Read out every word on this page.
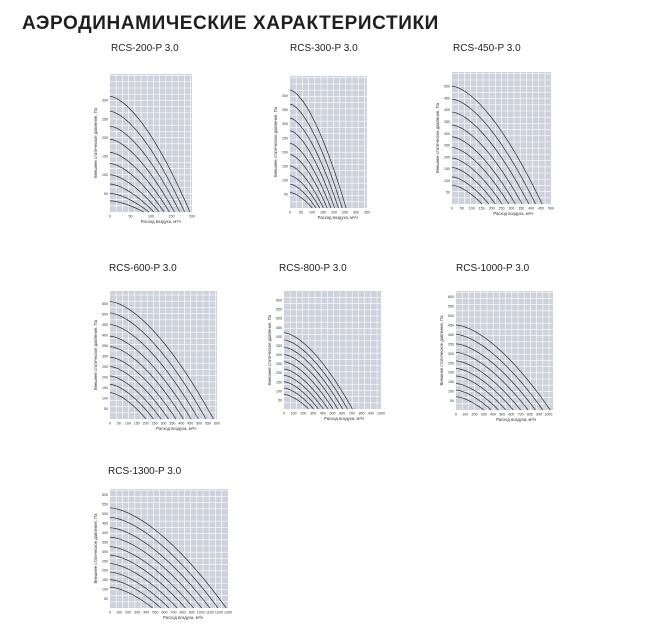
АЭРОДИНАМИЧЕСКИЕ ХАРАКТЕРИСТИКИ
RCS-200-P 3.0	RCS-300-P 3.0	RCS-450-P 3.0
RCS-600-P 3.0	RCS-800-P 3.0	RCS-1000-P 3.0
RCS-1300-P 3.0
50
100
150
200
250
300
0	50	100	150	200
Расход воздуха, м³/ч
Внешнее статическое давление, Па
50
100
150
200
250
300
350
400
0 50 100 150 200 250 300 350
Расход воздуха, м³/ч
Внешнее статическое давление, Па
50
100
150
200
250
300
350
400
450
500
0 50 100 150 200 250 300 350 400 450 500
Расход воздуха, м³/ч
Внешнее статическое давление, Па
50
100
150
200
250
300
350
400
450
500
550
0 50 100 150 200 250 300 350 400 450 500 550 600
Расход воздуха, м³/ч
Внешнее статическое давление, Па
50
100
150
200
250
300
350
400
450
500
550
600
0 100 200 300 400 500 600 700 800 900 1000
Расход воздуха, м³/ч
Внешнее статическое давление, Па
50
100
150
200
250
300
350
400
450
500
550
600
0 100 200 300 400 500 600 700 800 900 1000
Расход воздуха, м³/ч
Внешнее статическое давление, Па
50
100
150
200
250
300
350
400
450
500
550
600
0 100 200 300 400 500 600 700 800 900 1000 1100 1200 1300
Расход воздуха, м³/ч
Внешнее статическое давление, Па
